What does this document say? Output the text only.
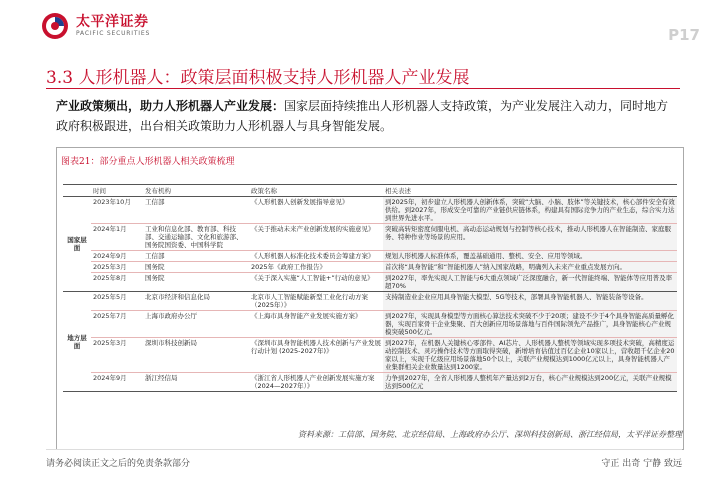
太平洋证券
PACIFIC SECURITIES	P17
3.3 人形机器人：政策层面积极支持人形机器人产业发展
产业政策频出，助力人形机器人产业发展：国家层面持续推出人形机器人支持政策，为产业发展注入动力，同时地方政府积极跟进，出台相关政策助力人形机器人与具身智能发展。
图表21：部分重点人形机器人相关政策梳理
	时间	发布机构	政策名称	相关表述
国家层面	2023年10月	工信部	《人形机器人创新发展指导意见》	到2025年，初步建立人形机器人创新体系，突破“大脑、小脑、肢体”等关键技术，核心部件安全有效供给。到2027年，形成安全可靠的产业链供应链体系，构建具有国际竞争力的产业生态，综合实力达到世界先进水平。
	2024年1月	工业和信息化部、教育部、科技部、交通运输部、文化和旅游部、国务院国资委、中国科学院	《关于推动未来产业创新发展的实施意见》	突破高转矩密度伺服电机、高动态运动规划与控制等核心技术，推动人形机器人在智能制造、家庭服务、特种作业等场景的应用。
	2024年9月	工信部	《人形机器人标准化技术委员会筹建方案》	规划人形机器人标准体系，覆盖基础通用、整机、安全、应用等领域。
	2025年3月	国务院	2025年《政府工作报告》	首次将“具身智能”和“智能机器人”纳入国家战略，明确列入未来产业重点发展方向。
	2025年8月	国务院	《关于深入实施“人工智能+”行动的意见》	到2027年，率先实现人工智能与6大重点领域广泛深度融合，新一代智能终端、智能体等应用普及率超70%
地方层面	2025年5月	北京市经济和信息化局	北京市人工智能赋能新型工业化行动方案（2025年）》	支持制造业企业应用具身智能大模型、5G等技术，部署具身智能机器人、智能装备等设备。
	2025年7月	上海市政府办公厅	《上海市具身智能产业发展实施方案》	到2027年，实现具身模型等方面核心算法技术突破不少于20项；建设不少于4个具身智能高质量孵化器，实现百家骨干企业集聚、百大创新应用场景落地与百件国际领先产品推广，具身智能核心产业规模突破500亿元。
	2025年3月	深圳市科技创新局	《深圳市具身智能机器人技术创新与产业发展行动计划 (2025-2027年)》	到2027年，在机器人关键核心零部件、AI芯片、人形机器人整机等领域实现多项技术突破，高精度运动控制技术、灵巧操作技术等方面取得突破，新增培育估值过百亿企业10家以上，营收超千亿企业20家以上，实现千亿级应用场景落地50个以上，关联产业规模达到1000亿元以上，具身智能机器人产业集群相关企业数量达到1200家。
	2024年9月	浙江经信局	《浙江省人形机器人产业创新发展实施方案（2024—2027年）》	力争到2027年，全省人形机器人整机年产量达到2万台，核心产业规模达到200亿元，关联产业规模达到500亿元
资料来源：工信部、国务院、北京经信局、上海政府办公厅、深圳科技创新局、浙江经信局，太平洋证券整理
请务必阅读正文之后的免责条款部分	守正 出奇 宁静 致远
